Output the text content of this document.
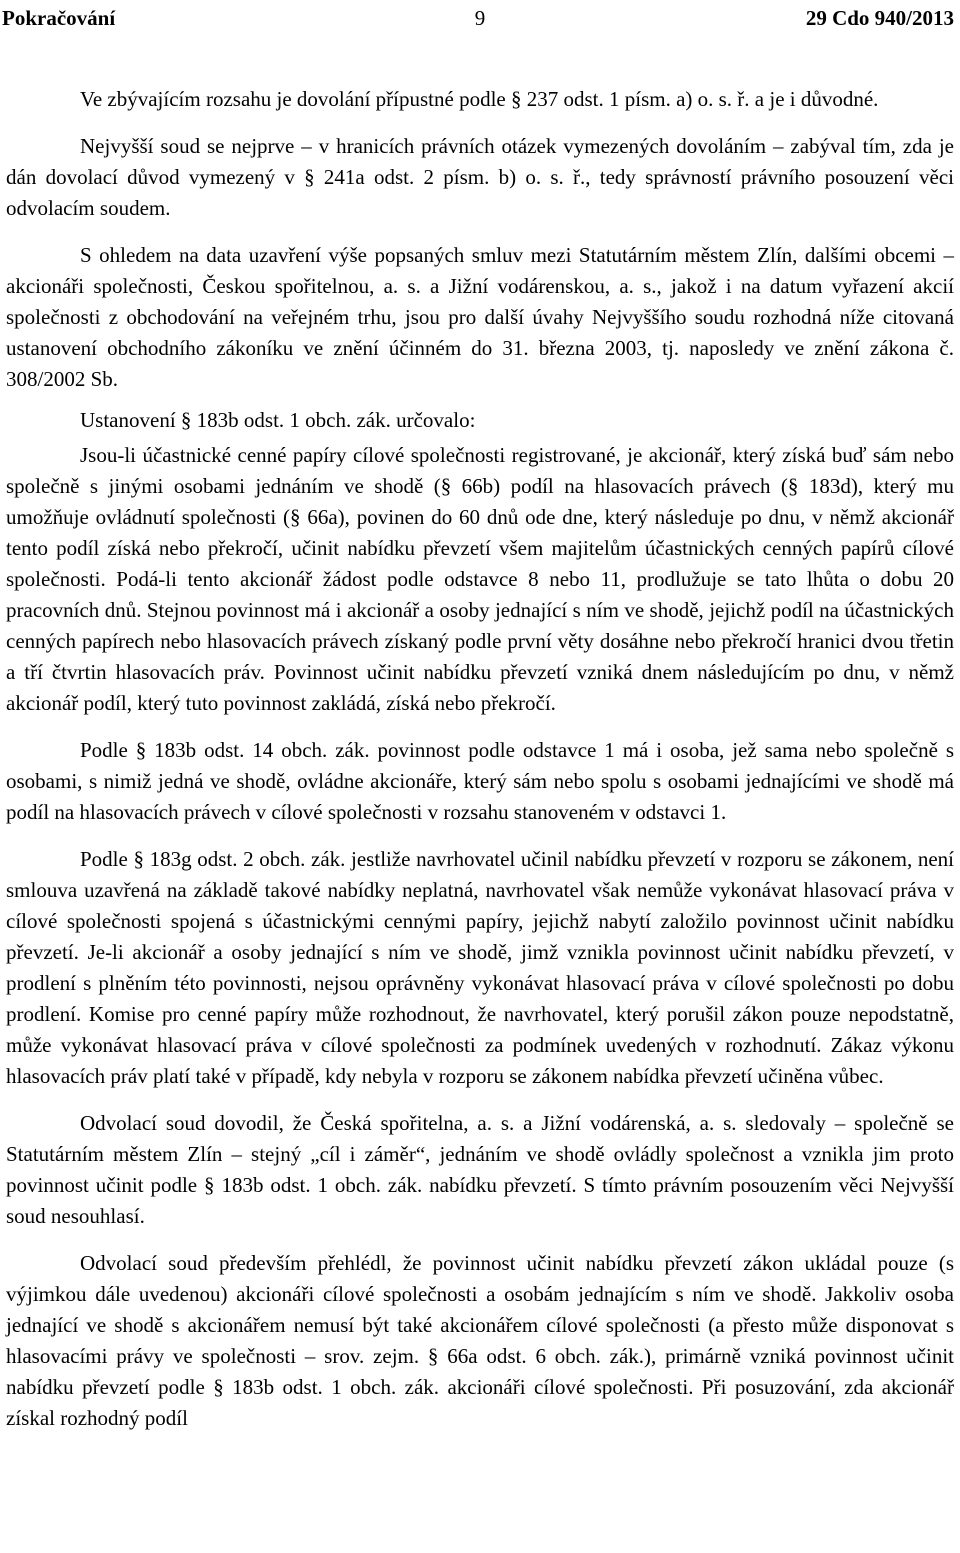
Pokračování	9	29 Cdo 940/2013

Ve zbývajícím rozsahu je dovolání přípustné podle § 237 odst. 1 písm. a) o. s. ř. a je i důvodné.

Nejvyšší soud se nejprve – v hranicích právních otázek vymezených dovoláním – zabýval tím, zda je dán dovolací důvod vymezený v § 241a odst. 2 písm. b) o. s. ř., tedy správností právního posouzení věci odvolacím soudem.

S ohledem na data uzavření výše popsaných smluv mezi Statutárním městem Zlín, dalšími obcemi – akcionáři společnosti, Českou spořitelnou, a. s. a Jižní vodárenskou, a. s., jakož i na datum vyřazení akcií společnosti z obchodování na veřejném trhu, jsou pro další úvahy Nejvyššího soudu rozhodná níže citovaná ustanovení obchodního zákoníku ve znění účinném do 31. března 2003, tj. naposledy ve znění zákona č. 308/2002 Sb.

Ustanovení § 183b odst. 1 obch. zák. určovalo:

Jsou-li účastnické cenné papíry cílové společnosti registrované, je akcionář, který získá buď sám nebo společně s jinými osobami jednáním ve shodě (§ 66b) podíl na hlasovacích právech (§ 183d), který mu umožňuje ovládnutí společnosti (§ 66a), povinen do 60 dnů ode dne, který následuje po dnu, v němž akcionář tento podíl získá nebo překročí, učinit nabídku převzetí všem majitelům účastnických cenných papírů cílové společnosti. Podá-li tento akcionář žádost podle odstavce 8 nebo 11, prodlužuje se tato lhůta o dobu 20 pracovních dnů. Stejnou povinnost má i akcionář a osoby jednající s ním ve shodě, jejichž podíl na účastnických cenných papírech nebo hlasovacích právech získaný podle první věty dosáhne nebo překročí hranici dvou třetin a tří čtvrtin hlasovacích práv. Povinnost učinit nabídku převzetí vzniká dnem následujícím po dnu, v němž akcionář podíl, který tuto povinnost zakládá, získá nebo překročí.

Podle § 183b odst. 14 obch. zák. povinnost podle odstavce 1 má i osoba, jež sama nebo společně s osobami, s nimiž jedná ve shodě, ovládne akcionáře, který sám nebo spolu s osobami jednajícími ve shodě má podíl na hlasovacích právech v cílové společnosti v rozsahu stanoveném v odstavci 1.

Podle § 183g odst. 2 obch. zák. jestliže navrhovatel učinil nabídku převzetí v rozporu se zákonem, není smlouva uzavřená na základě takové nabídky neplatná, navrhovatel však nemůže vykonávat hlasovací práva v cílové společnosti spojená s účastnickými cennými papíry, jejichž nabytí založilo povinnost učinit nabídku převzetí. Je-li akcionář a osoby jednající s ním ve shodě, jimž vznikla povinnost učinit nabídku převzetí, v prodlení s plněním této povinnosti, nejsou oprávněny vykonávat hlasovací práva v cílové společnosti po dobu prodlení. Komise pro cenné papíry může rozhodnout, že navrhovatel, který porušil zákon pouze nepodstatně, může vykonávat hlasovací práva v cílové společnosti za podmínek uvedených v rozhodnutí. Zákaz výkonu hlasovacích práv platí také v případě, kdy nebyla v rozporu se zákonem nabídka převzetí učiněna vůbec.

Odvolací soud dovodil, že Česká spořitelna, a. s. a Jižní vodárenská, a. s. sledovaly – společně se Statutárním městem Zlín – stejný „cíl i záměr“, jednáním ve shodě ovládly společnost a vznikla jim proto povinnost učinit podle § 183b odst. 1 obch. zák. nabídku převzetí. S tímto právním posouzením věci Nejvyšší soud nesouhlasí.

Odvolací soud především přehlédl, že povinnost učinit nabídku převzetí zákon ukládal pouze (s výjimkou dále uvedenou) akcionáři cílové společnosti a osobám jednajícím s ním ve shodě. Jakkoliv osoba jednající ve shodě s akcionářem nemusí být také akcionářem cílové společnosti (a přesto může disponovat s hlasovacími právy ve společnosti – srov. zejm. § 66a odst. 6 obch. zák.), primárně vzniká povinnost učinit nabídku převzetí podle § 183b odst. 1 obch. zák. akcionáři cílové společnosti. Při posuzování, zda akcionář získal rozhodný podíl
